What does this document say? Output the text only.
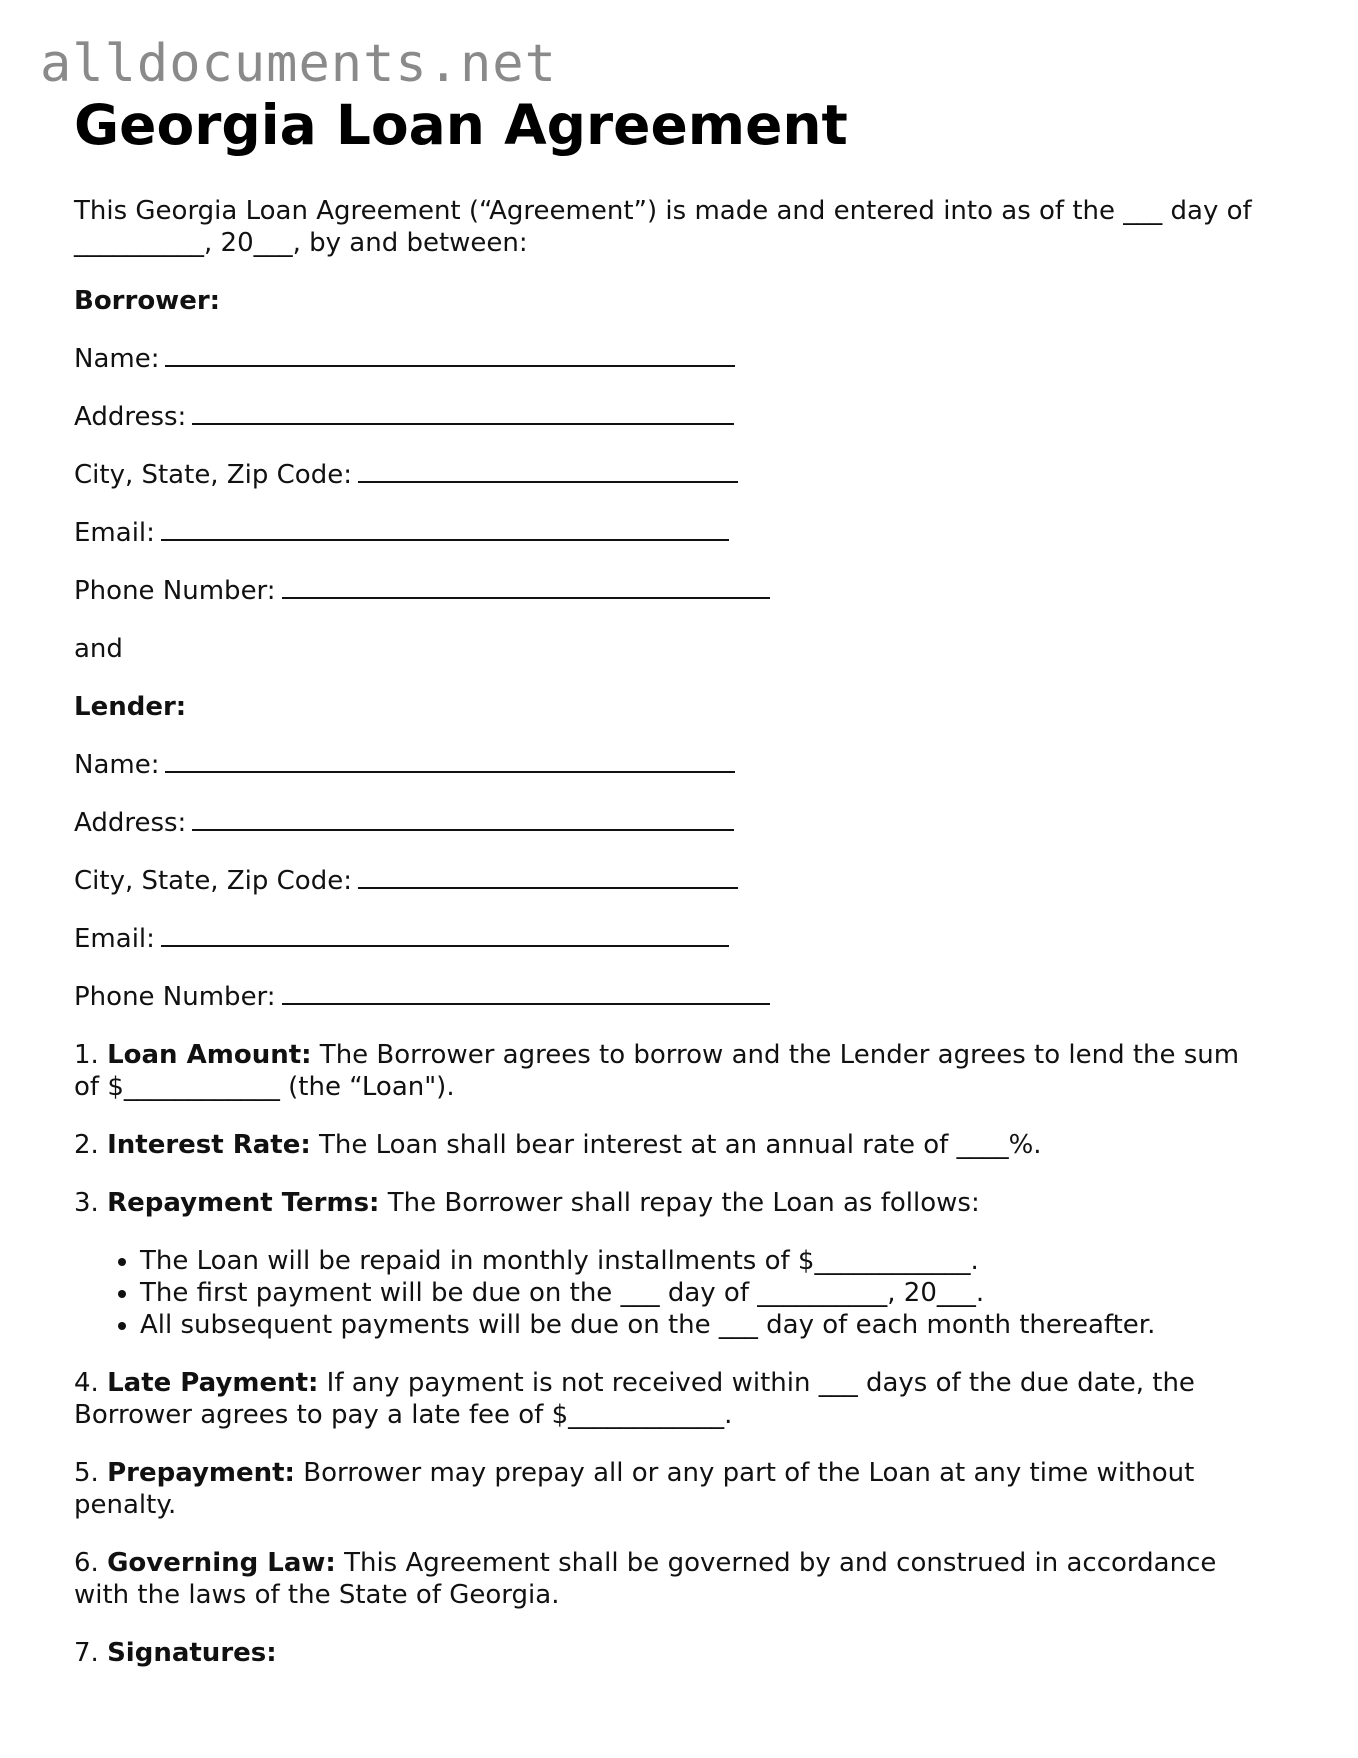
alldocuments.net
Georgia Loan Agreement

This Georgia Loan Agreement (“Agreement”) is made and entered into as of the ___ day of
__________, 20___, by and between:

Borrower:

Name:
Address:
City, State, Zip Code:
Email:
Phone Number:

and

Lender:

Name:
Address:
City, State, Zip Code:
Email:
Phone Number:

1. Loan Amount: The Borrower agrees to borrow and the Lender agrees to lend the sum
of $____________ (the “Loan").

2. Interest Rate: The Loan shall bear interest at an annual rate of ____%.

3. Repayment Terms: The Borrower shall repay the Loan as follows:

• The Loan will be repaid in monthly installments of $____________.
• The first payment will be due on the ___ day of __________, 20___.
• All subsequent payments will be due on the ___ day of each month thereafter.

4. Late Payment: If any payment is not received within ___ days of the due date, the
Borrower agrees to pay a late fee of $____________.

5. Prepayment: Borrower may prepay all or any part of the Loan at any time without
penalty.

6. Governing Law: This Agreement shall be governed by and construed in accordance
with the laws of the State of Georgia.

7. Signatures:
